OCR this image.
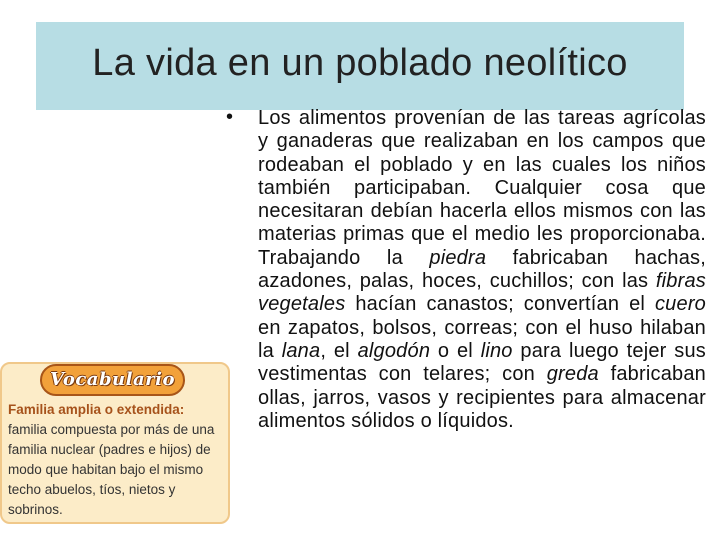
La vida en un poblado neolítico
• Los alimentos provenían de las tareas agrícolas y ganaderas que realizaban en los campos que rodeaban el poblado y en las cuales los niños también participaban. Cualquier cosa que necesitaran debían hacerla ellos mismos con las materias primas que el medio les proporcionaba. Trabajando la piedra fabricaban hachas, azadones, palas, hoces, cuchillos; con las fibras vegetales hacían canastos; convertían el cuero en zapatos, bolsos, correas; con el huso hilaban la lana, el algodón o el lino para luego tejer sus vestimentas con telares; con greda fabricaban ollas, jarros, vasos y recipientes para almacenar alimentos sólidos o líquidos.
Vocabulario
Familia amplia o extendida: familia compuesta por más de una familia nuclear (padres e hijos) de modo que habitan bajo el mismo techo abuelos, tíos, nietos y sobrinos.
